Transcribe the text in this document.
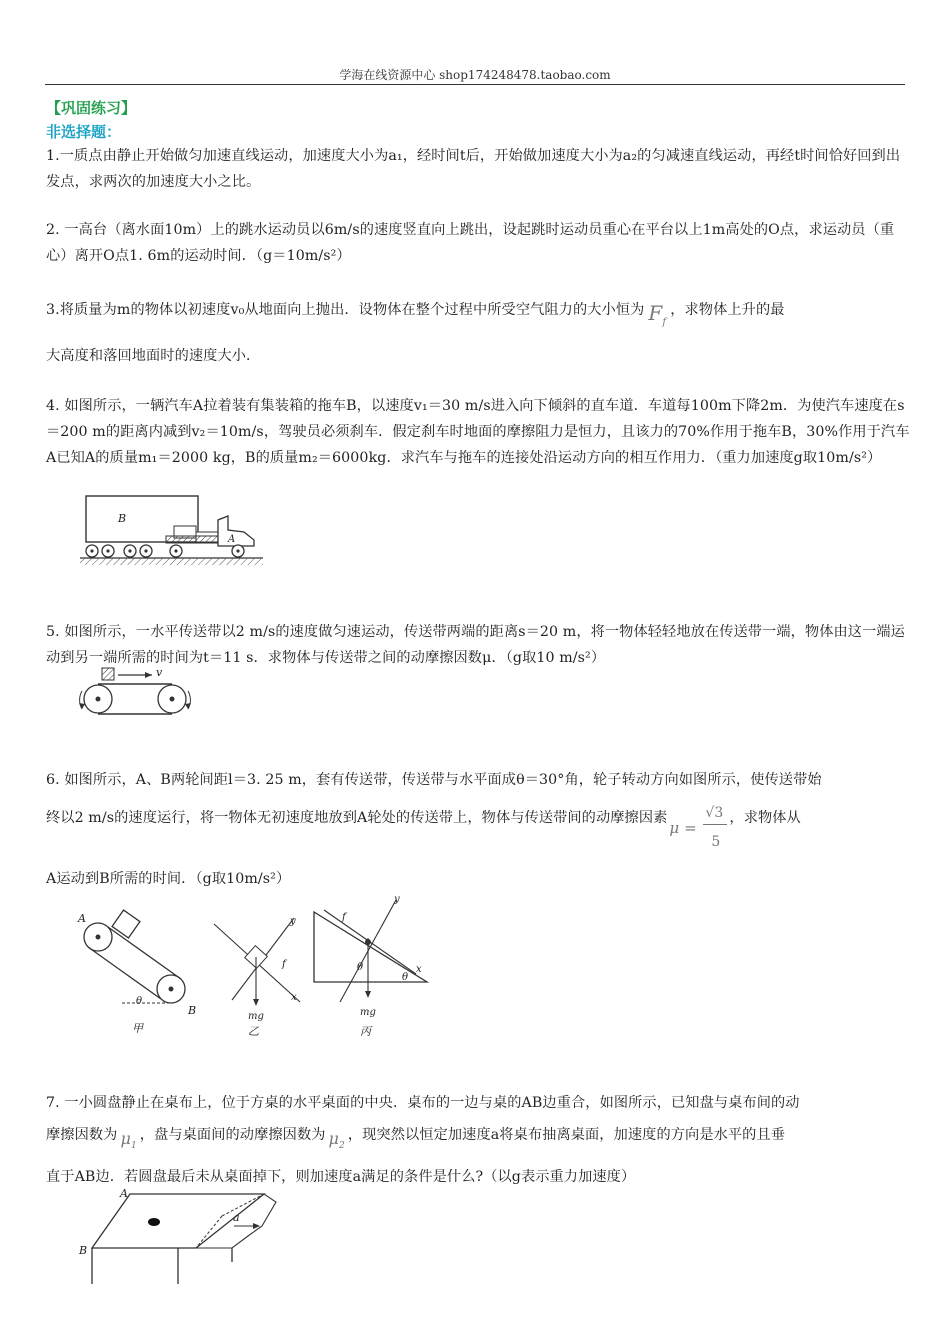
学海在线资源中心 shop174248478.taobao.com
【巩固练习】
非选择题：
1.一质点由静止开始做匀加速直线运动，加速度大小为a₁，经时间t后，开始做加速度大小为a₂的匀减速直线运动，再经t时间恰好回到出发点，求两次的加速度大小之比。
2. 一高台（离水面10m）上的跳水运动员以6m/s的速度竖直向上跳出，设起跳时运动员重心在平台以上1m高处的O点，求运动员（重心）离开O点1. 6m的运动时间．（g＝10m/s²）
3.将质量为m的物体以初速度v₀从地面向上抛出．设物体在整个过程中所受空气阻力的大小恒为 $F_f$，求物体上升的最
大高度和落回地面时的速度大小．
4. 如图所示，一辆汽车A拉着装有集装箱的拖车B，以速度v₁＝30 m/s进入向下倾斜的直车道．车道每100m下降2m．为使汽车速度在s＝200 m的距离内减到v₂＝10m/s，驾驶员必须刹车．假定刹车时地面的摩擦阻力是恒力，且该力的70%作用于拖车B，30%作用于汽车A已知A的质量m₁＝2000 kg，B的质量m₂＝6000kg．求汽车与拖车的连接处沿运动方向的相互作用力．（重力加速度g取10m/s²）
B
A
5. 如图所示，一水平传送带以2 m/s的速度做匀速运动，传送带两端的距离s＝20 m，将一物体轻轻地放在传送带一端，物体由这一端运动到另一端所需的时间为t＝11 s．求物体与传送带之间的动摩擦因数μ．（g取10 m/s²）
v
6. 如图所示，A、B两轮间距l＝3. 25 m，套有传送带，传送带与水平面成θ＝30°角，轮子转动方向如图所示，使传送带始
终以2 m/s的速度运行，将一物体无初速度地放到A轮处的传送带上，物体与传送带间的动摩擦因素
μ =
√3
5
，求物体从
A运动到B所需的时间．（g取10m/s²）
A
B
θ
甲
y
x
f
mg
乙
y
x
f
θ
θ
mg
丙
7. 一小圆盘静止在桌布上，位于方桌的水平桌面的中央．桌布的一边与桌的AB边重合，如图所示，已知盘与桌布间的动
摩擦因数为 $\mu_1$，盘与桌面间的动摩擦因数为 $\mu_2$，现突然以恒定加速度a将桌布抽离桌面，加速度的方向是水平的且垂
直于AB边．若圆盘最后未从桌面掉下，则加速度a满足的条件是什么?（以g表示重力加速度）
A
B
a
